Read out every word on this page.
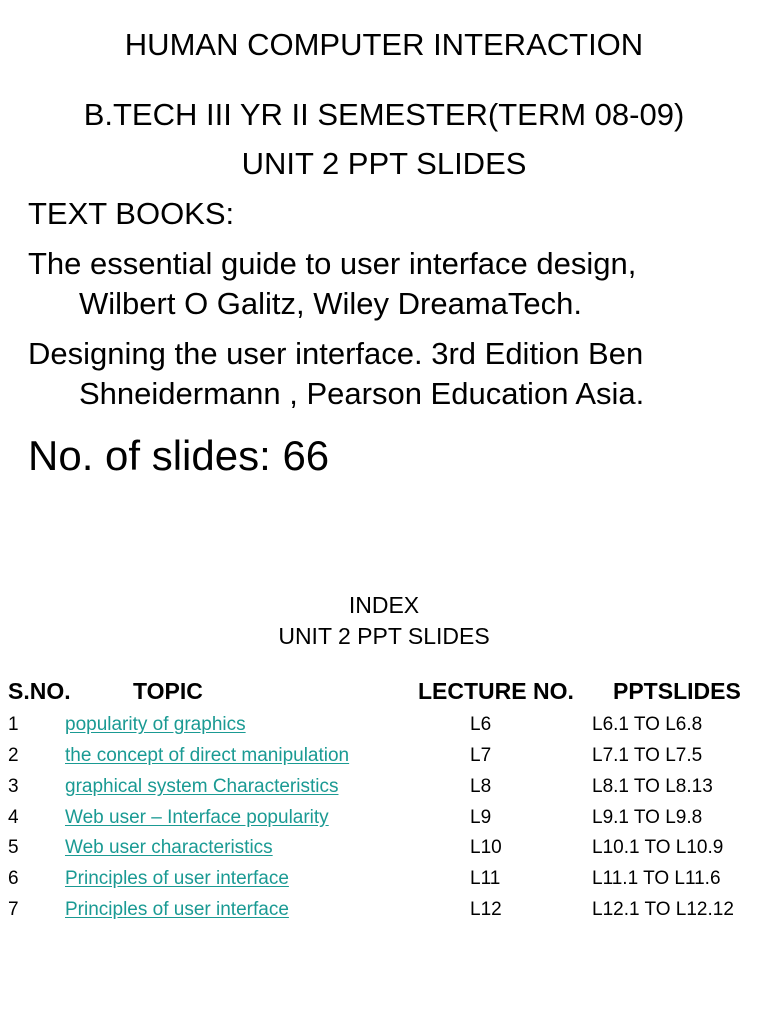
HUMAN COMPUTER INTERACTION

B.TECH III YR II SEMESTER(TERM 08-09)

UNIT 2 PPT SLIDES

TEXT BOOKS:

The essential guide to user interface design,

Wilbert O Galitz, Wiley DreamaTech.

Designing the user interface. 3rd Edition Ben

Shneidermann , Pearson Education Asia.

No. of slides: 66

INDEX

UNIT 2 PPT SLIDES

S.NO.	TOPIC	LECTURE NO. PPTSLIDES
1 popularity of graphics	L6	L6.1 TO L6.8
2 the concept of direct manipulation	L7	L7.1 TO L7.5
3 graphical system Characteristics	L8	L8.1 TO L8.13
4 Web user – Interface popularity	L9	L9.1 TO L9.8
5 Web user characteristics	L10	L10.1 TO L10.9
6 Principles of user interface	L11	L11.1 TO L11.6
7 Principles of user interface	L12	L12.1 TO L12.12
